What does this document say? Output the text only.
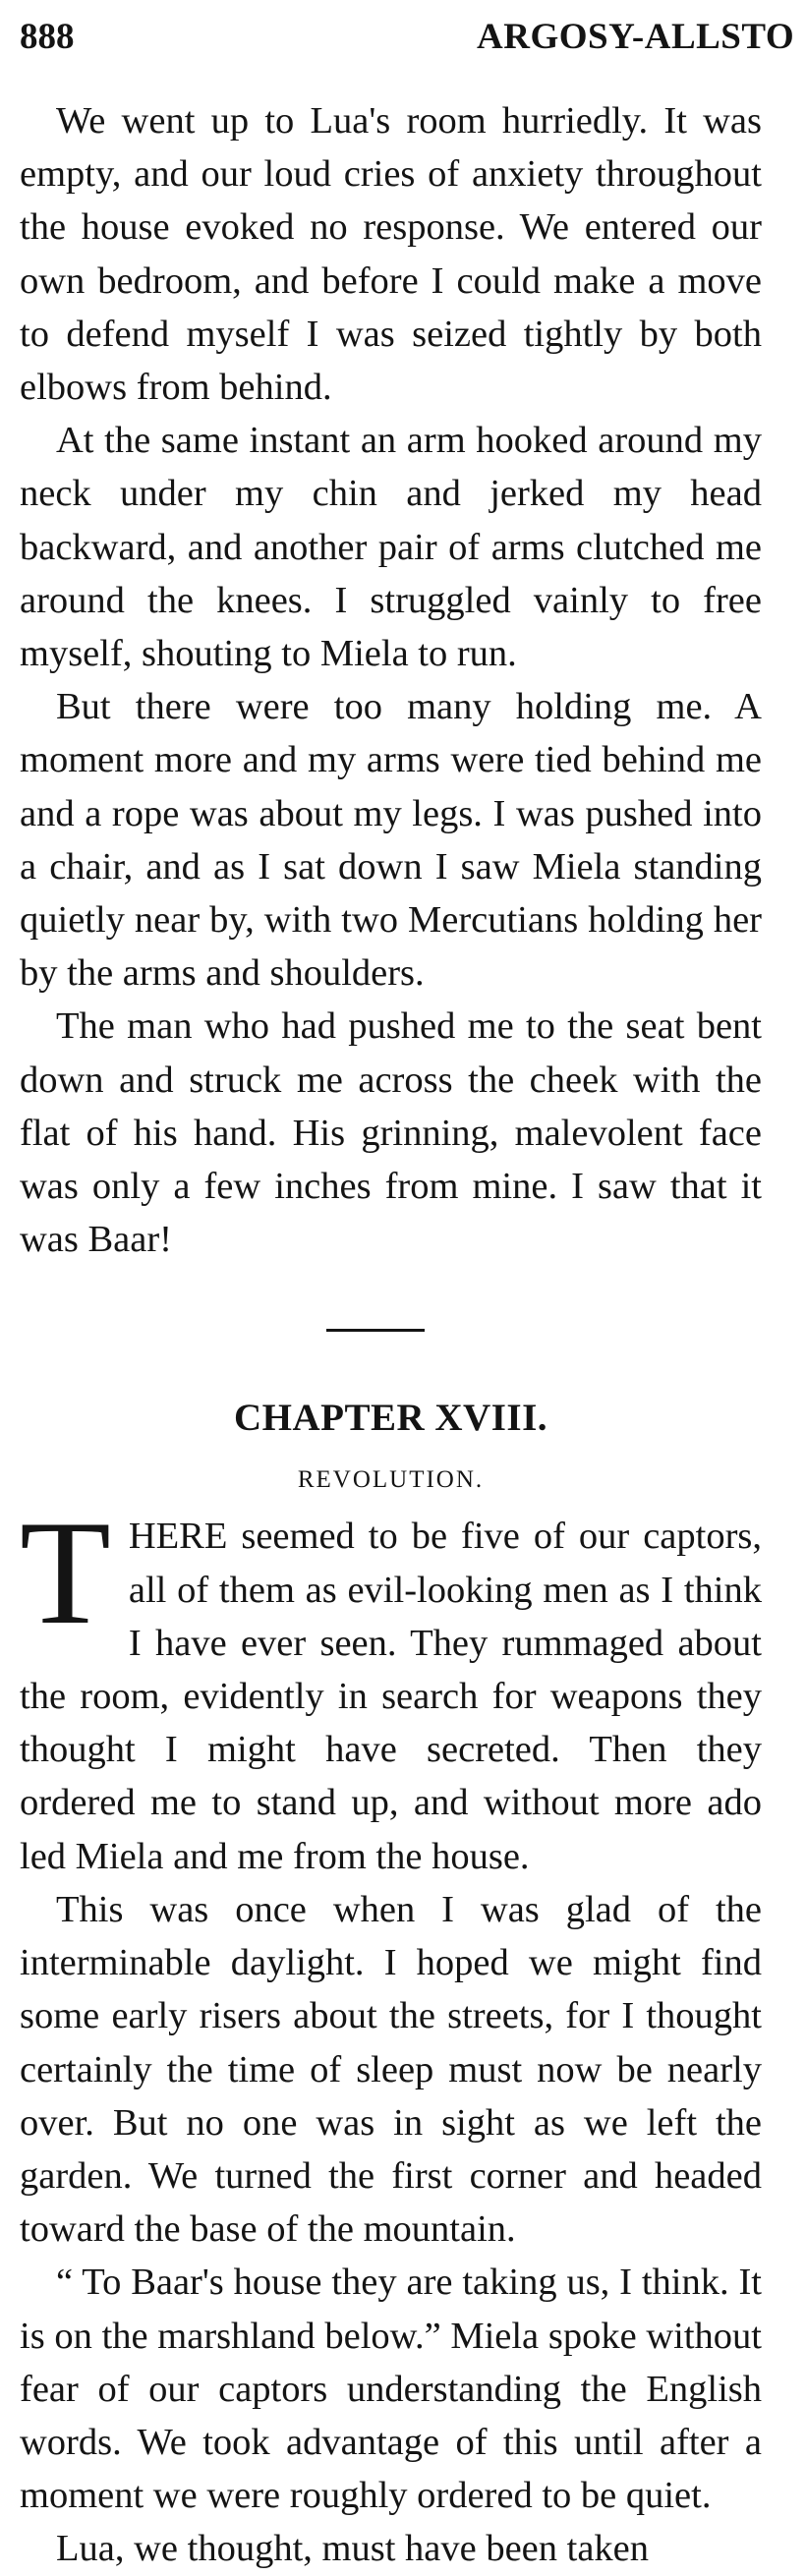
888	ARGOSY-ALLSTO

We went up to Lua's room hurriedly. It was empty, and our loud cries of anxiety throughout the house evoked no response. We entered our own bedroom, and before I could make a move to defend myself I was seized tightly by both elbows from behind.

At the same instant an arm hooked around my neck under my chin and jerked my head backward, and another pair of arms clutched me around the knees. I struggled vainly to free myself, shouting to Miela to run.

But there were too many holding me. A moment more and my arms were tied behind me and a rope was about my legs. I was pushed into a chair, and as I sat down I saw Miela standing quietly near by, with two Mercutians holding her by the arms and shoulders.

The man who had pushed me to the seat bent down and struck me across the cheek with the flat of his hand. His grinning, malevolent face was only a few inches from mine. I saw that it was Baar!

CHAPTER XVIII.
REVOLUTION.

THERE seemed to be five of our captors, all of them as evil-looking men as I think I have ever seen. They rummaged about the room, evidently in search for weapons they thought I might have secreted. Then they ordered me to stand up, and without more ado led Miela and me from the house.

This was once when I was glad of the interminable daylight. I hoped we might find some early risers about the streets, for I thought certainly the time of sleep must now be nearly over. But no one was in sight as we left the garden. We turned the first corner and headed toward the base of the mountain.

“ To Baar's house they are taking us, I think. It is on the marshland below.” Miela spoke without fear of our captors understanding the English words. We took advantage of this until after a moment we were roughly ordered to be quiet.

Lua, we thought, must have been taken
